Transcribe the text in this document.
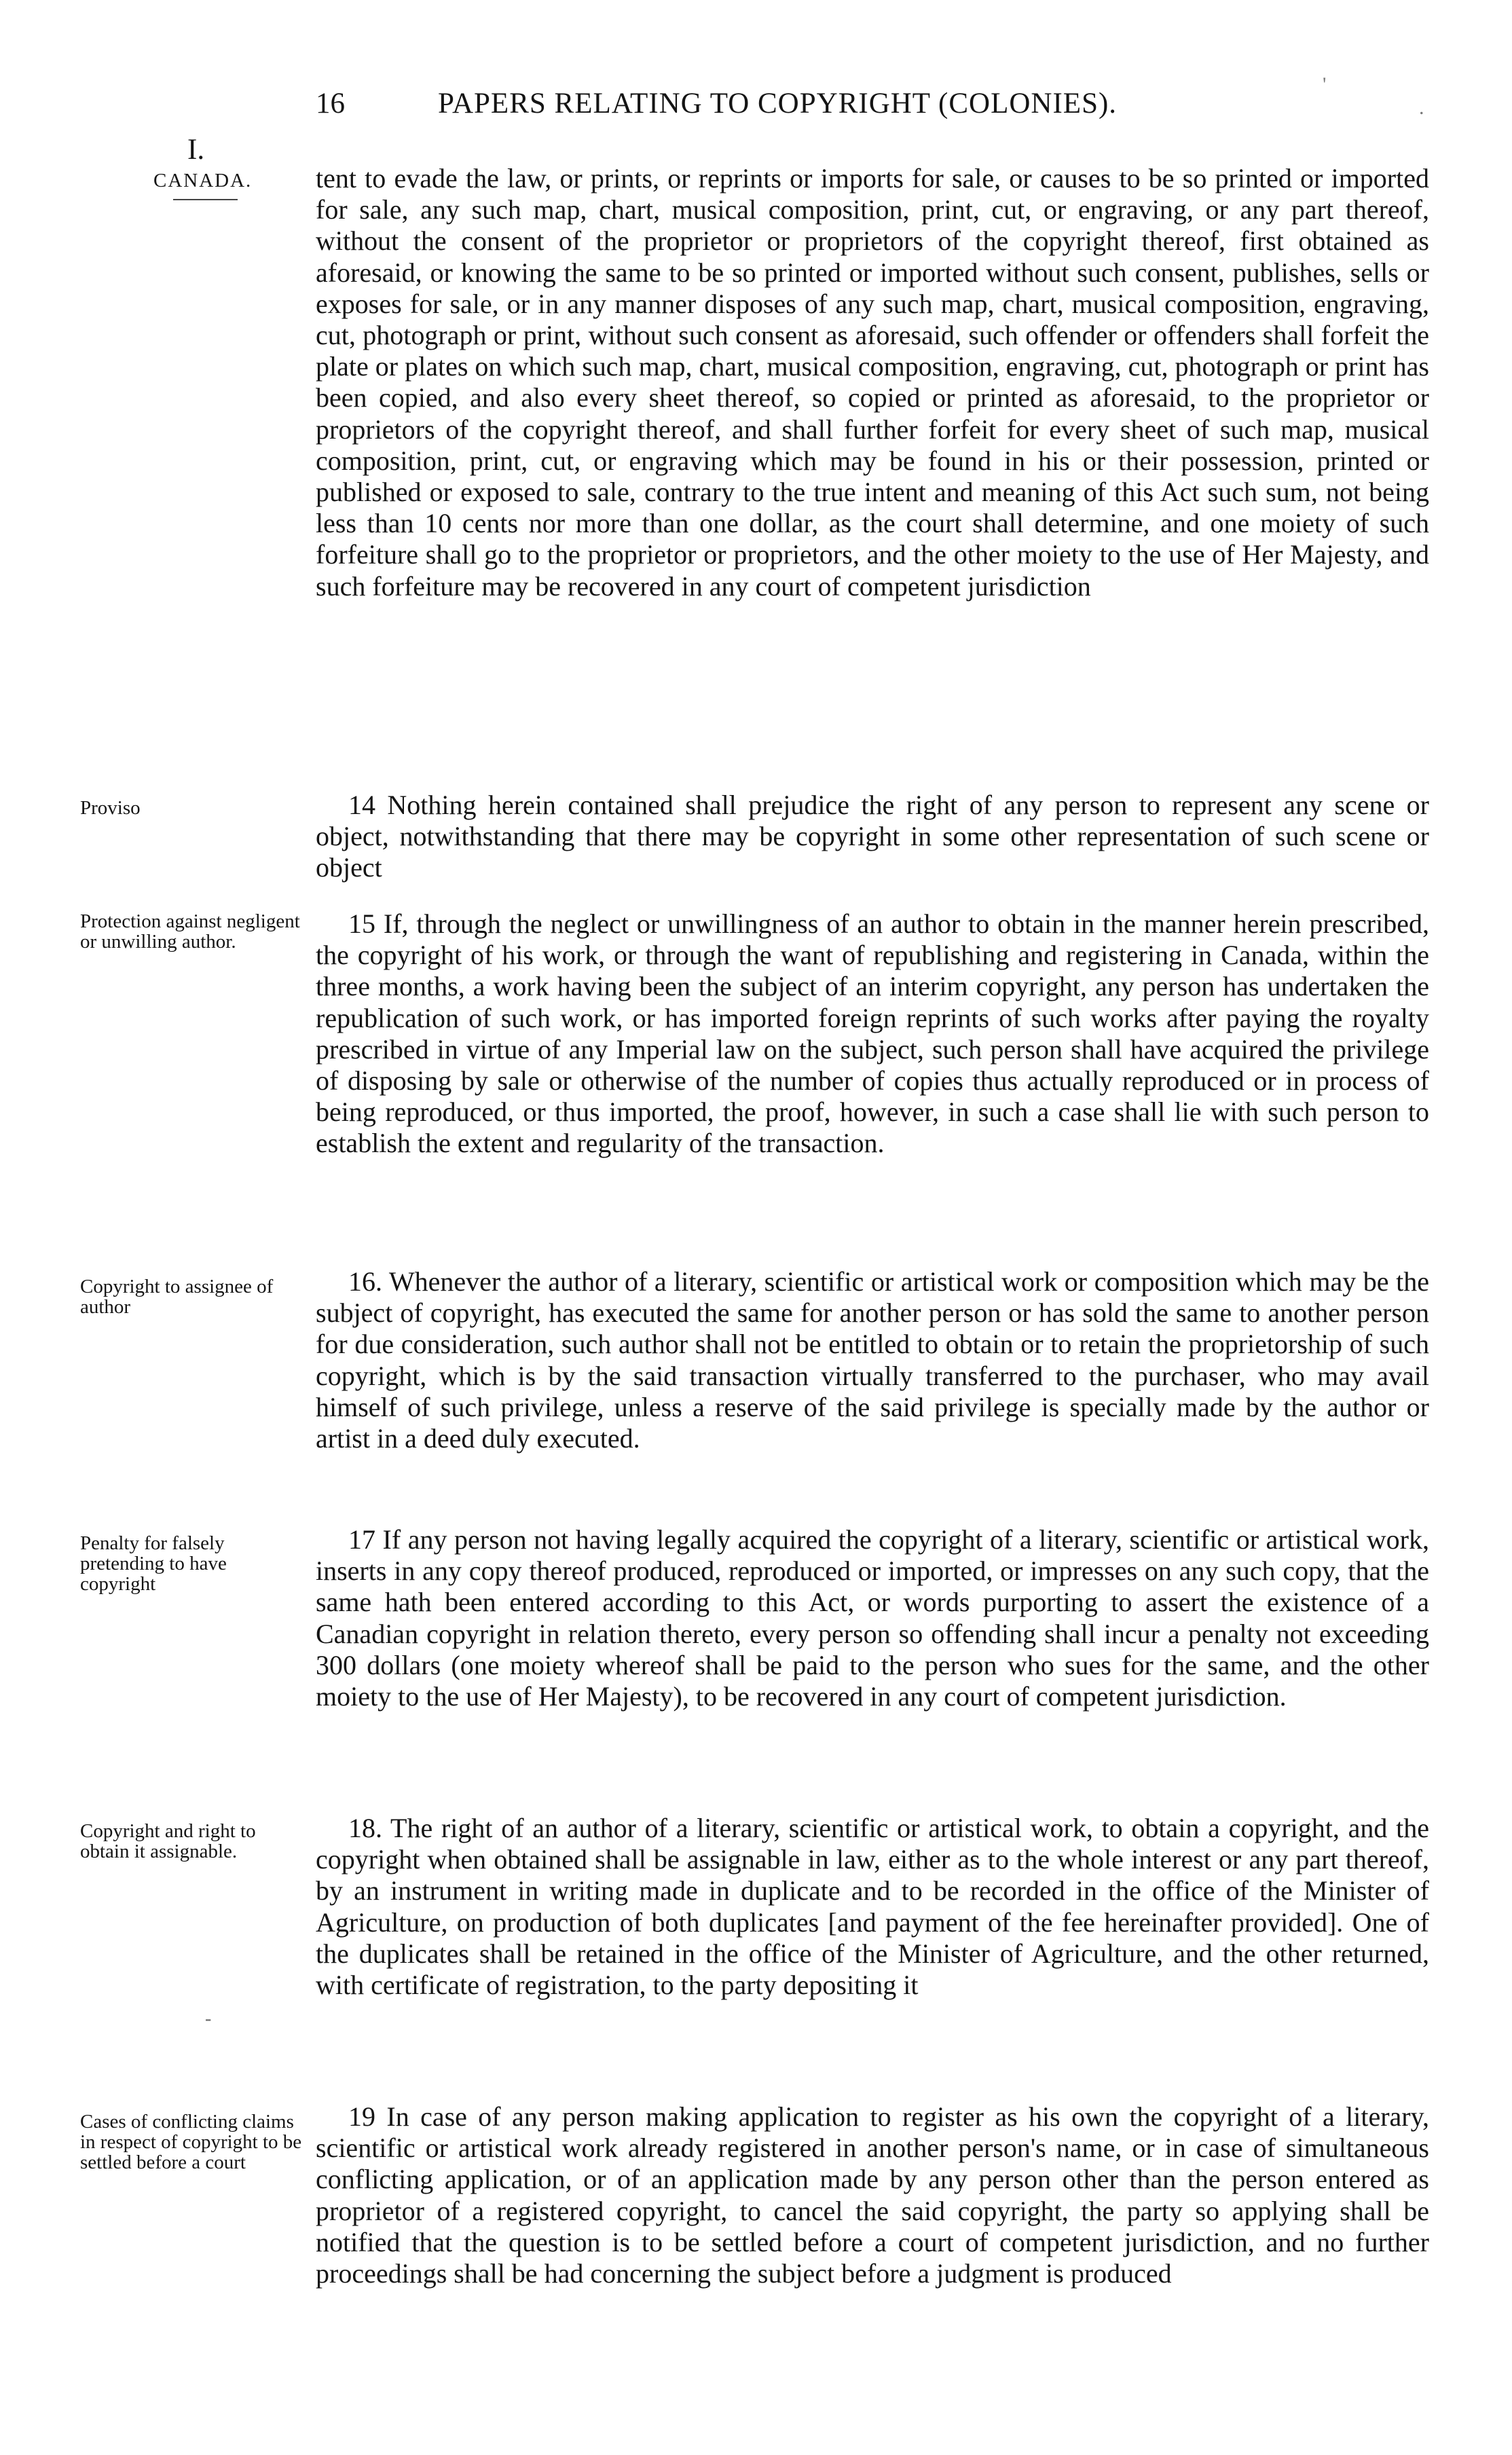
16	PAPERS RELATING TO COPYRIGHT (COLONIES).
'
.
I.
CANADA.
Proviso
Protection against negligent or unwilling author.
Copyright to assignee of author
Penalty for falsely pretending to have copyright
Copyright and right to obtain it assignable.
Cases of conflicting claims in respect of copyright to be settled before a court
-

tent to evade the law, or prints, or reprints or imports for sale, or causes to be so printed or imported for sale, any such map, chart, musical composition, print, cut, or engraving, or any part thereof, without the consent of the proprietor or proprietors of the copyright thereof, first obtained as aforesaid, or knowing the same to be so printed or imported without such consent, publishes, sells or exposes for sale, or in any manner disposes of any such map, chart, musical composition, engraving, cut, photograph or print, without such consent as aforesaid, such offender or offenders shall forfeit the plate or plates on which such map, chart, musical composition, engraving, cut, photograph or print has been copied, and also every sheet thereof, so copied or printed as aforesaid, to the proprietor or proprietors of the copyright thereof, and shall further forfeit for every sheet of such map, musical composition, print, cut, or engraving which may be found in his or their possession, printed or published or exposed to sale, contrary to the true intent and meaning of this Act such sum, not being less than 10 cents nor more than one dollar, as the court shall determine, and one moiety of such forfeiture shall go to the proprietor or proprietors, and the other moiety to the use of Her Majesty, and such forfeiture may be recovered in any court of competent jurisdiction

14 Nothing herein contained shall prejudice the right of any person to represent any scene or object, notwithstanding that there may be copyright in some other representation of such scene or object

15 If, through the neglect or unwillingness of an author to obtain in the manner herein prescribed, the copyright of his work, or through the want of republishing and registering in Canada, within the three months, a work having been the subject of an interim copyright, any person has undertaken the republication of such work, or has imported foreign reprints of such works after paying the royalty prescribed in virtue of any Imperial law on the subject, such person shall have acquired the privilege of disposing by sale or otherwise of the number of copies thus actually reproduced or in process of being reproduced, or thus imported, the proof, however, in such a case shall lie with such person to establish the extent and regularity of the transaction.

16. Whenever the author of a literary, scientific or artistical work or composition which may be the subject of copyright, has executed the same for another person or has sold the same to another person for due consideration, such author shall not be entitled to obtain or to retain the proprietorship of such copyright, which is by the said transaction virtually transferred to the purchaser, who may avail himself of such privilege, unless a reserve of the said privilege is specially made by the author or artist in a deed duly executed.

17 If any person not having legally acquired the copyright of a literary, scientific or artistical work, inserts in any copy thereof produced, reproduced or imported, or impresses on any such copy, that the same hath been entered according to this Act, or words purporting to assert the existence of a Canadian copyright in relation thereto, every person so offending shall incur a penalty not exceeding 300 dollars (one moiety whereof shall be paid to the person who sues for the same, and the other moiety to the use of Her Majesty), to be recovered in any court of competent jurisdiction.

18. The right of an author of a literary, scientific or artistical work, to obtain a copyright, and the copyright when obtained shall be assignable in law, either as to the whole interest or any part thereof, by an instrument in writing made in duplicate and to be recorded in the office of the Minister of Agriculture, on production of both duplicates [and payment of the fee hereinafter provided]. One of the duplicates shall be retained in the office of the Minister of Agriculture, and the other returned, with certificate of registration, to the party depositing it

19 In case of any person making application to register as his own the copyright of a literary, scientific or artistical work already registered in another person's name, or in case of simultaneous conflicting application, or of an application made by any person other than the person entered as proprietor of a registered copyright, to cancel the said copyright, the party so applying shall be notified that the question is to be settled before a court of competent jurisdiction, and no further proceedings shall be had concerning the subject before a judgment is produced
